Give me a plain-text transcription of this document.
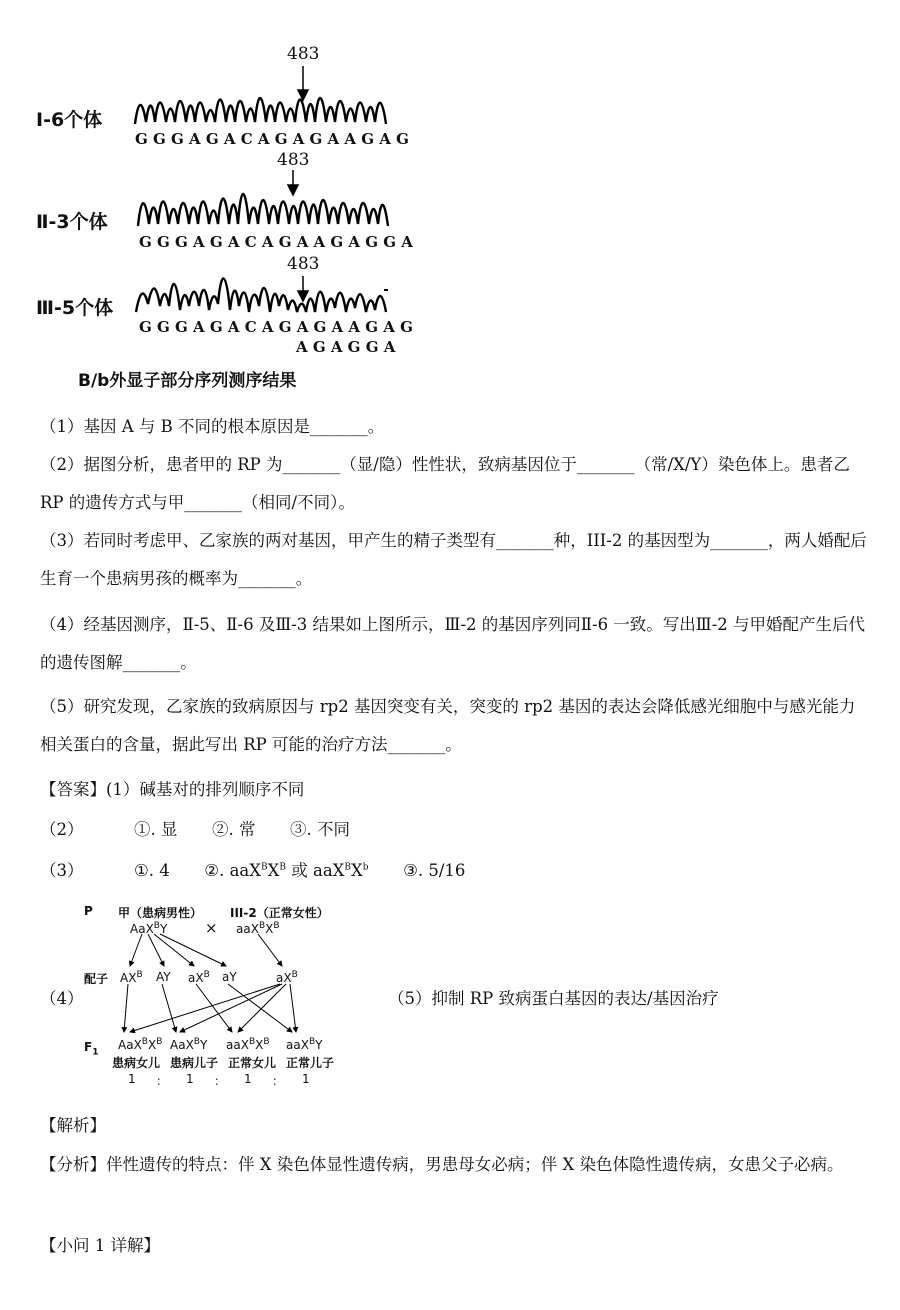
483
Ⅰ-6个体
GGGAGACAGAGAAGAG
483
Ⅱ-3个体
GGGAGACAGAAGAGGA
483
Ⅲ-5个体
GGGAGACAGAGAAGAG
AGAGGA
B/b外显子部分序列测序结果
（1）基因 A 与 B 不同的根本原因是_______。
（2）据图分析，患者甲的 RP 为_______（显/隐）性性状，致病基因位于_______（常/X/Y）染色体上。患者乙 RP 的遗传方式与甲_______（相同/不同）。
（3）若同时考虑甲、乙家族的两对基因，甲产生的精子类型有_______种，III-2 的基因型为_______，两人婚配后生育一个患病男孩的概率为_______。
（4）经基因测序，Ⅱ-5、Ⅱ-6 及Ⅲ-3 结果如上图所示，Ⅲ-2 的基因序列同Ⅱ-6 一致。写出Ⅲ-2 与甲婚配产生后代的遗传图解_______。
（5）研究发现，乙家族的致病原因与 rp2 基因突变有关，突变的 rp2 基因的表达会降低感光细胞中与感光能力相关蛋白的含量，据此写出 RP 可能的治疗方法_______。
【答案】(1）碱基对的排列顺序不同
（2）	①. 显 ②. 常 ③. 不同
（3）	①. 4 ②. $aaX^BX^B$ 或 $aaX^BX^b$ ③. 5/16
（4）
P 甲（患病男性） III-2（正常女性）
AaX$^B$Y	× $aaX^BX^B$
配子 $AX^B$ AY $aX^B$ aY	$aX^B$
$F_1$
$AaX^BX^B$ AaX$^B$Y $aaX^BX^B$ aaX$^B$Y
患病女儿 患病儿子 正常女儿 正常儿子
1 ： 1 ： 1 ： 1
（5）抑制 RP 致病蛋白基因的表达/基因治疗
【解析】
【分析】伴性遗传的特点：伴 X 染色体显性遗传病，男患母女必病；伴 X 染色体隐性遗传病，女患父子必病。
【小问 1 详解】
